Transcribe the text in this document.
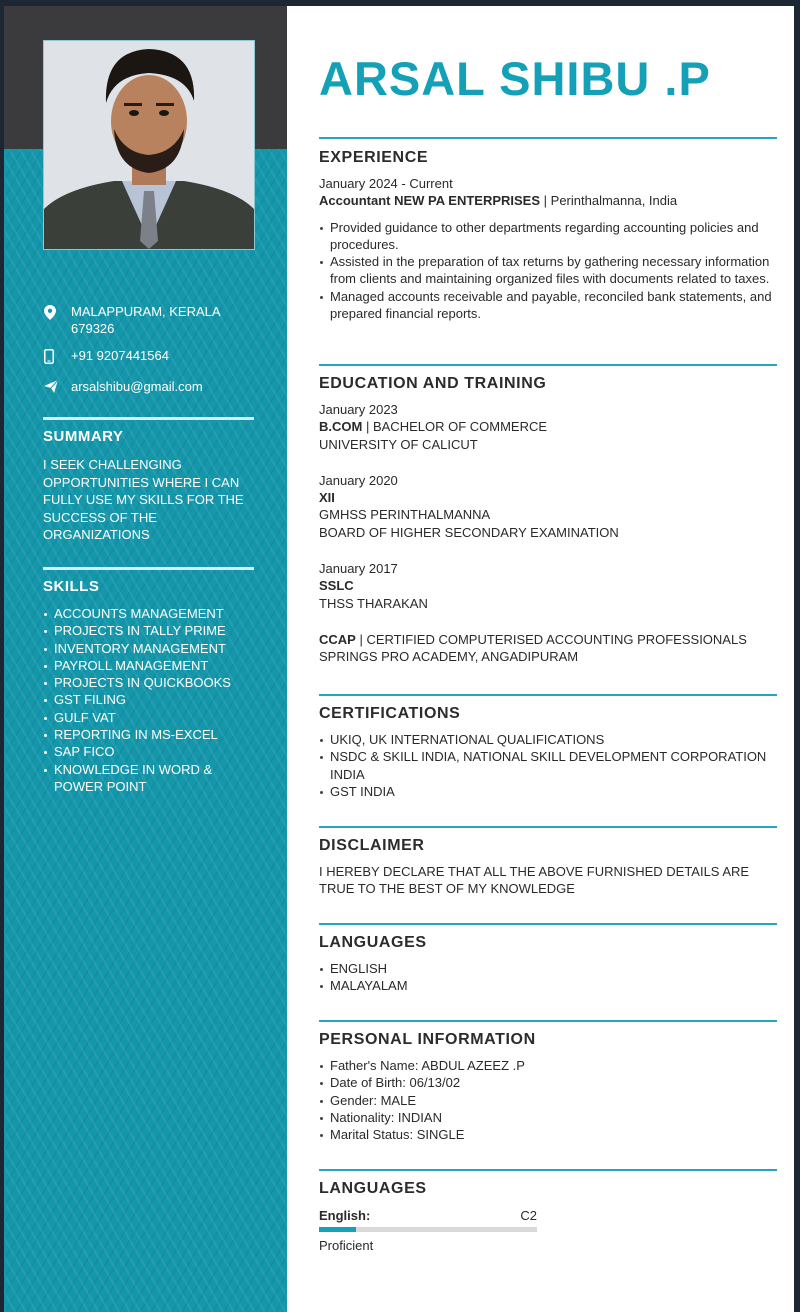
MALAPPURAM, KERALA 679326
+91 9207441564
arsalshibu@gmail.com
SUMMARY
I SEEK CHALLENGING OPPORTUNITIES WHERE I CAN FULLY USE MY SKILLS FOR THE SUCCESS OF THE ORGANIZATIONS
SKILLS
ACCOUNTS MANAGEMENT
PROJECTS IN TALLY PRIME
INVENTORY MANAGEMENT
PAYROLL MANAGEMENT
PROJECTS IN QUICKBOOKS
GST FILING
GULF VAT
REPORTING IN MS-EXCEL
SAP FICO
KNOWLEDGE IN WORD & POWER POINT
ARSAL SHIBU .P
EXPERIENCE

January 2024 - Current

Accountant NEW PA ENTERPRISES | Perinthalmanna, India

Provided guidance to other departments regarding accounting policies and procedures.
Assisted in the preparation of tax returns by gathering necessary information from clients and maintaining organized files with documents related to taxes.
Managed accounts receivable and payable, reconciled bank statements, and prepared financial reports.
EDUCATION AND TRAINING

January 2023

B.COM | BACHELOR OF COMMERCE

UNIVERSITY OF CALICUT

January 2020

XII

GMHSS PERINTHALMANNA

BOARD OF HIGHER SECONDARY EXAMINATION

January 2017

SSLC

THSS THARAKAN

CCAP | CERTIFIED COMPUTERISED ACCOUNTING PROFESSIONALS

SPRINGS PRO ACADEMY, ANGADIPURAM

CERTIFICATIONS
UKIQ, UK INTERNATIONAL QUALIFICATIONS
NSDC & SKILL INDIA, NATIONAL SKILL DEVELOPMENT CORPORATION INDIA
GST INDIA
DISCLAIMER

I HEREBY DECLARE THAT ALL THE ABOVE FURNISHED DETAILS ARE TRUE TO THE BEST OF MY KNOWLEDGE

LANGUAGES
ENGLISH
MALAYALAM
PERSONAL INFORMATION
Father's Name: ABDUL AZEEZ .P
Date of Birth: 06/13/02
Gender: MALE
Nationality: INDIAN
Marital Status: SINGLE
LANGUAGES
English:	C2

Proficient
